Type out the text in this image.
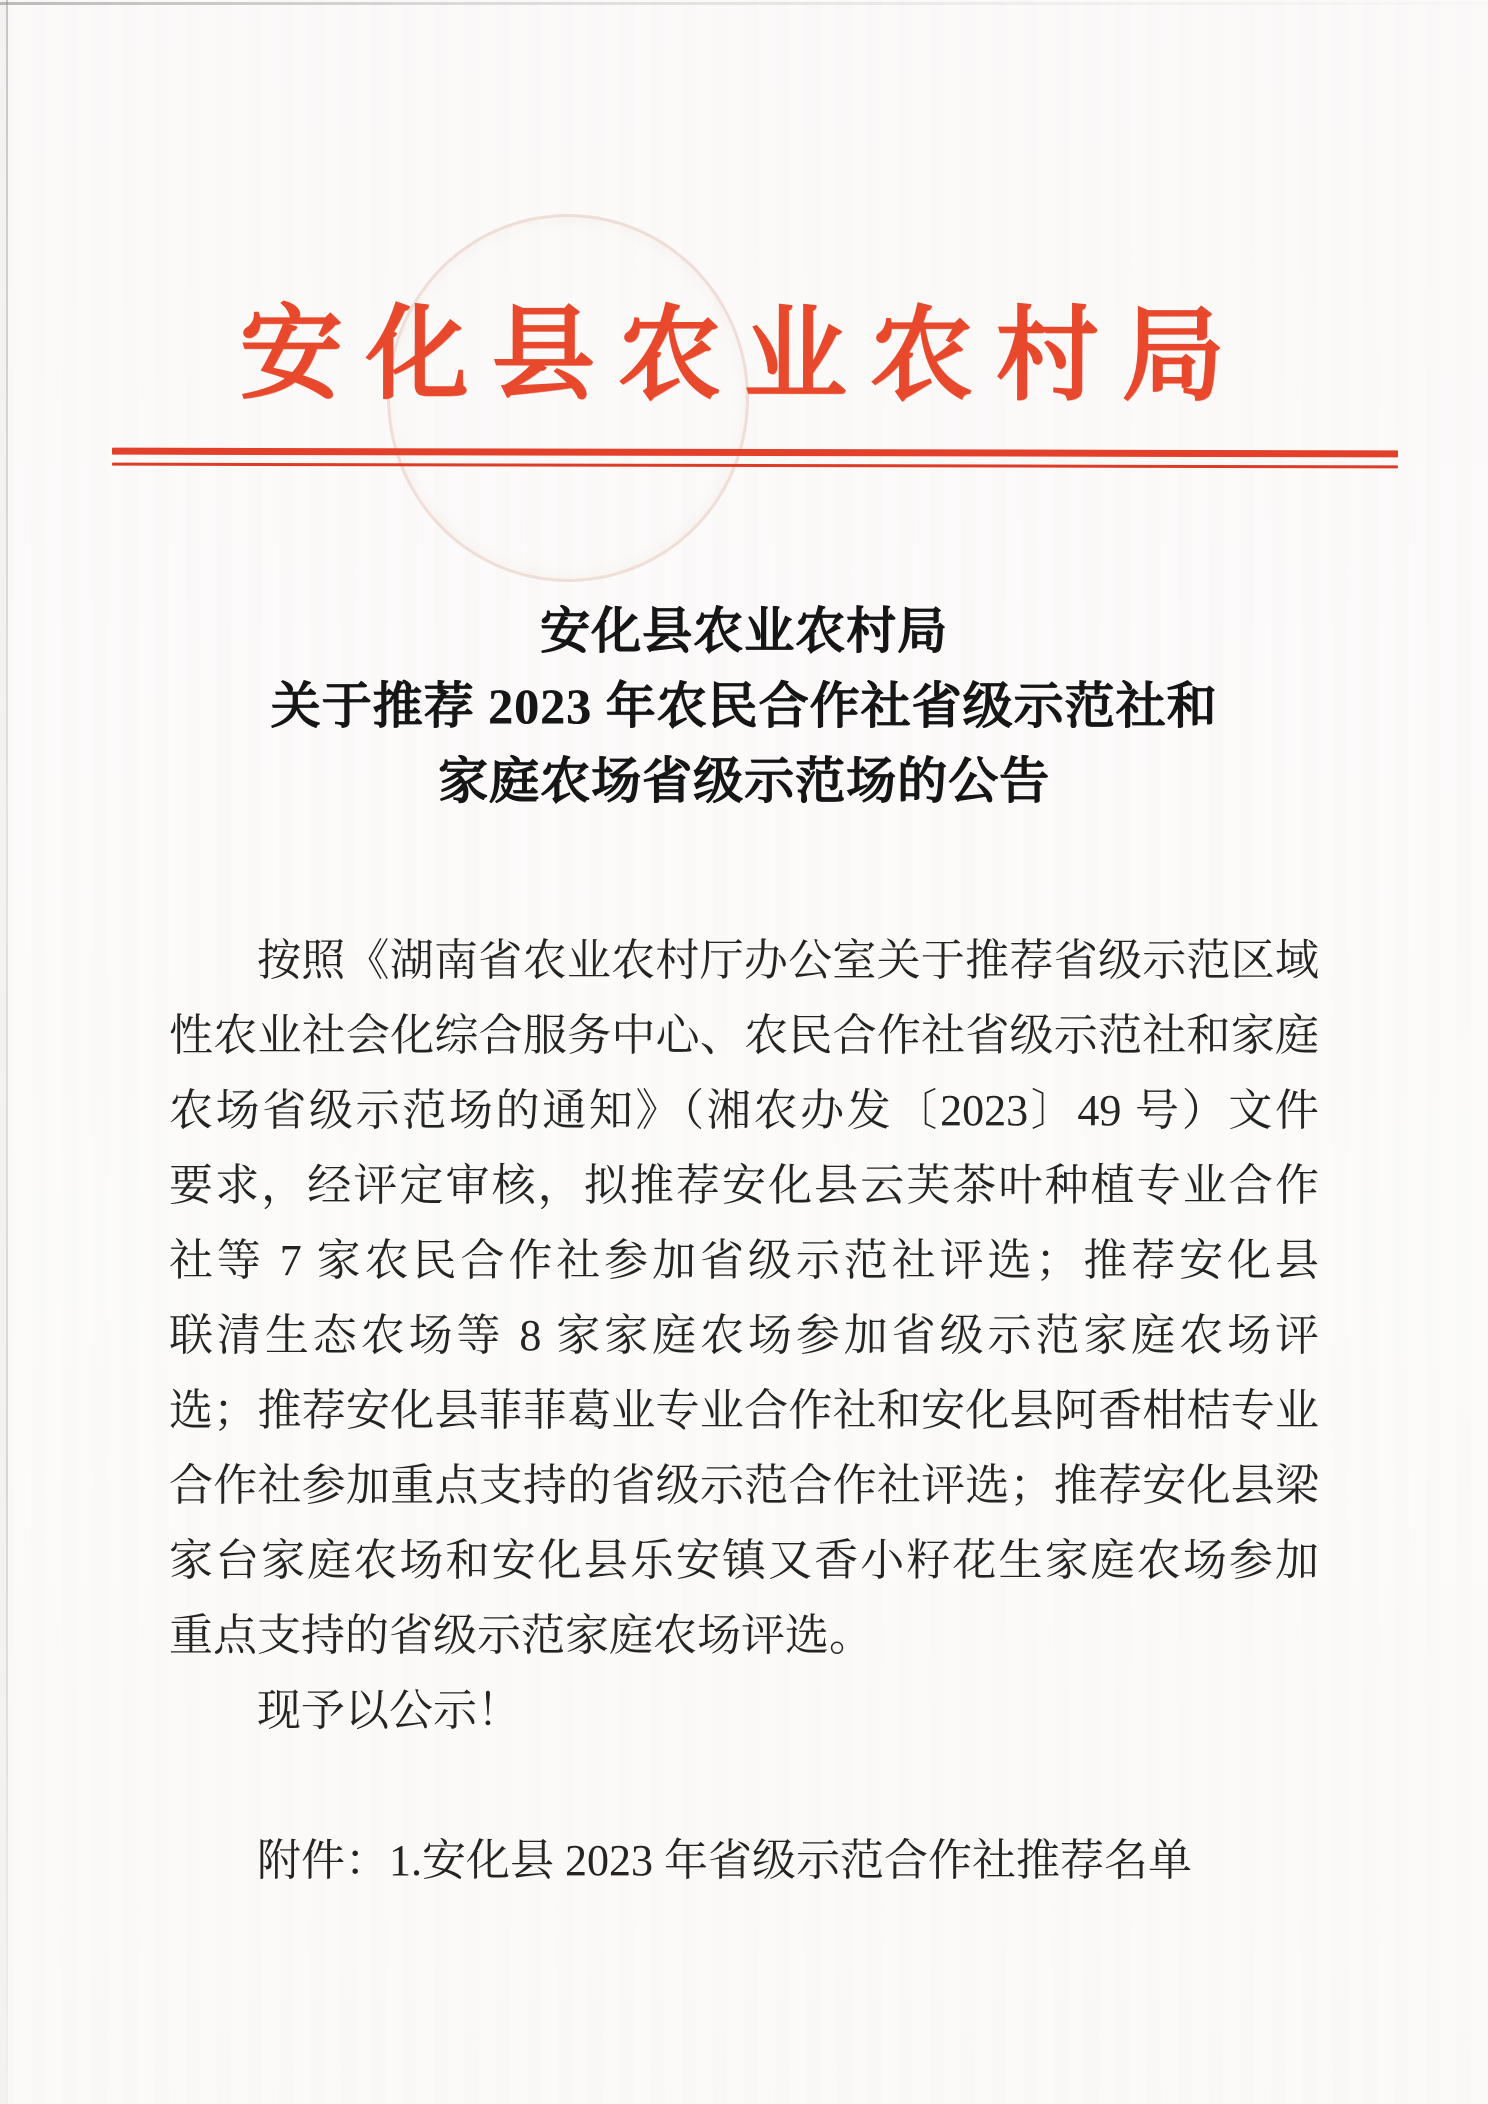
安化县农业农村局
安化县农业农村局
关于推荐 2023 年农民合作社省级示范社和
家庭农场省级示范场的公告

按照《湖南省农业农村厅办公室关于推荐省级示范区域

性农业社会化综合服务中心、农民合作社省级示范社和家庭

农场省级示范场的通知》（湘农办发〔2023〕49 号）文件

要求，经评定审核，拟推荐安化县云芙茶叶种植专业合作

社等 7 家农民合作社参加省级示范社评选；推荐安化县

联清生态农场等 8 家家庭农场参加省级示范家庭农场评

选；推荐安化县菲菲葛业专业合作社和安化县阿香柑桔专业

合作社参加重点支持的省级示范合作社评选；推荐安化县梁

家台家庭农场和安化县乐安镇又香小籽花生家庭农场参加

重点支持的省级示范家庭农场评选。

现予以公示！

附件：1.安化县 2023 年省级示范合作社推荐名单
